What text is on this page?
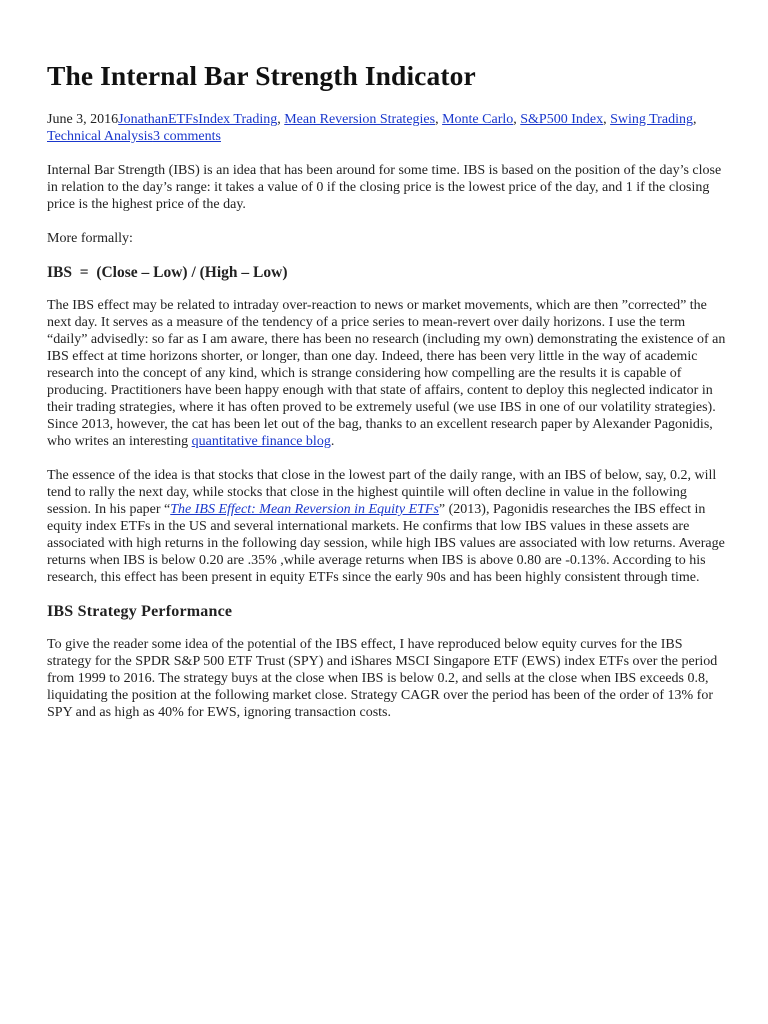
The Internal Bar Strength Indicator
June 3, 2016JonathanETFsIndex Trading, Mean Reversion Strategies, Monte Carlo, S&P500 Index, Swing Trading, Technical Analysis3 comments

Internal Bar Strength (IBS) is an idea that has been around for some time. IBS is based on the position of the day’s close in relation to the day’s range: it takes a value of 0 if the closing price is the lowest price of the day, and 1 if the closing price is the highest price of the day.

More formally:

IBS  =  (Close – Low) / (High – Low)

The IBS effect may be related to intraday over-reaction to news or market movements, which are then ”corrected” the next day. It serves as a measure of the tendency of a price series to mean-revert over daily horizons. I use the term “daily” advisedly: so far as I am aware, there has been no research (including my own) demonstrating the existence of an IBS effect at time horizons shorter, or longer, than one day. Indeed, there has been very little in the way of academic research into the concept of any kind, which is strange considering how compelling are the results it is capable of producing. Practitioners have been happy enough with that state of affairs, content to deploy this neglected indicator in their trading strategies, where it has often proved to be extremely useful (we use IBS in one of our volatility strategies). Since 2013, however, the cat has been let out of the bag, thanks to an excellent research paper by Alexander Pagonidis, who writes an interesting quantitative finance blog.

The essence of the idea is that stocks that close in the lowest part of the daily range, with an IBS of below, say, 0.2, will tend to rally the next day, while stocks that close in the highest quintile will often decline in value in the following session. In his paper “The IBS Effect: Mean Reversion in Equity ETFs” (2013), Pagonidis researches the IBS effect in equity index ETFs in the US and several international markets. He confirms that low IBS values in these assets are associated with high returns in the following day session, while high IBS values are associated with low returns. Average returns when IBS is below 0.20 are .35% ,while average returns when IBS is above 0.80 are -0.13%. According to his research, this effect has been present in equity ETFs since the early 90s and has been highly consistent through time.

IBS Strategy Performance

To give the reader some idea of the potential of the IBS effect, I have reproduced below equity curves for the IBS strategy for the SPDR S&P 500 ETF Trust (SPY) and iShares MSCI Singapore ETF (EWS) index ETFs over the period from 1999 to 2016. The strategy buys at the close when IBS is below 0.2, and sells at the close when IBS exceeds 0.8, liquidating the position at the following market close. Strategy CAGR over the period has been of the order of 13% for SPY and as high as 40% for EWS, ignoring transaction costs.
